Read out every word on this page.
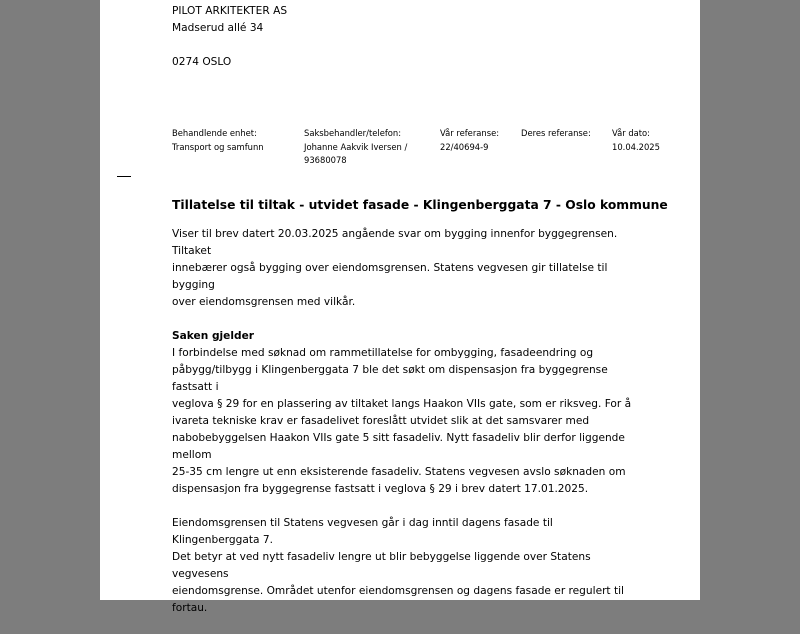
PILOT ARKITEKTER AS
Madserud allé 34
0274 OSLO
Behandlende enhet:
Transport og samfunn
Saksbehandler/telefon:
Johanne Aakvik Iversen /
93680078
Vår referanse:
22/40694-9
Deres referanse:	Vår dato:
10.04.2025
Tillatelse til tiltak - utvidet fasade - Klingenberggata 7 - Oslo kommune

Viser til brev datert 20.03.2025 angående svar om bygging innenfor byggegrensen. Tiltaket

innebærer også bygging over eiendomsgrensen. Statens vegvesen gir tillatelse til bygging

over eiendomsgrensen med vilkår.

Saken gjelder

I forbindelse med søknad om rammetillatelse for ombygging, fasadeendring og

påbygg/tilbygg i Klingenberggata 7 ble det søkt om dispensasjon fra byggegrense fastsatt i

veglova § 29 for en plassering av tiltaket langs Haakon VIIs gate, som er riksveg. For å

ivareta tekniske krav er fasadelivet foreslått utvidet slik at det samsvarer med

nabobebyggelsen Haakon VIIs gate 5 sitt fasadeliv. Nytt fasadeliv blir derfor liggende mellom

25-35 cm lengre ut enn eksisterende fasadeliv. Statens vegvesen avslo søknaden om

dispensasjon fra byggegrense fastsatt i veglova § 29 i brev datert 17.01.2025.

Eiendomsgrensen til Statens vegvesen går i dag inntil dagens fasade til Klingenberggata 7.

Det betyr at ved nytt fasadeliv lengre ut blir bebyggelse liggende over Statens vegvesens

eiendomsgrense. Området utenfor eiendomsgrensen og dagens fasade er regulert til fortau.
